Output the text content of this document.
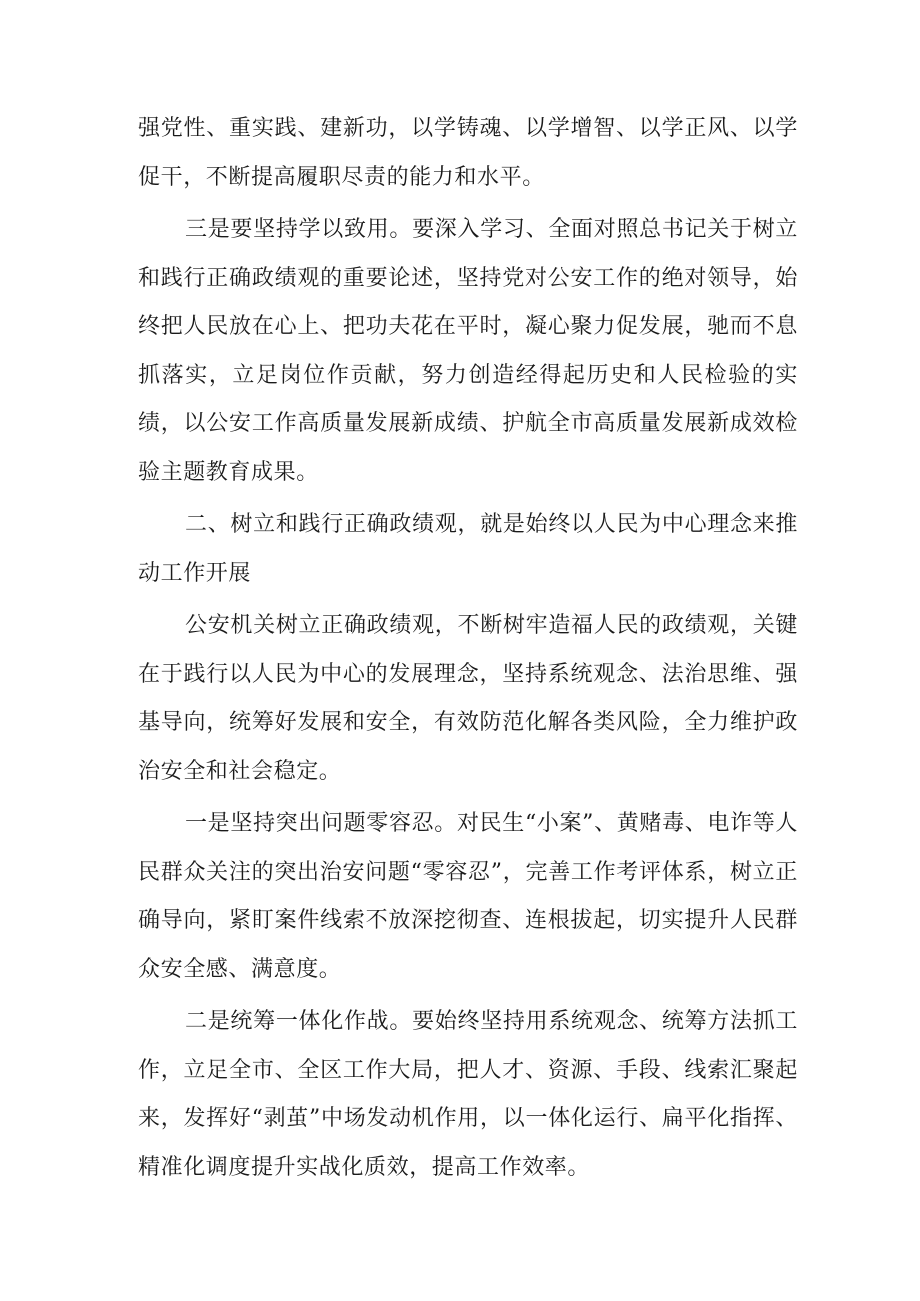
强党性、重实践、建新功，以学铸魂、以学增智、以学正风、以学促干，不断提高履职尽责的能力和水平。

三是要坚持学以致用。要深入学习、全面对照总书记关于树立和践行正确政绩观的重要论述，坚持党对公安工作的绝对领导，始终把人民放在心上、把功夫花在平时，凝心聚力促发展，驰而不息抓落实，立足岗位作贡献，努力创造经得起历史和人民检验的实绩，以公安工作高质量发展新成绩、护航全市高质量发展新成效检验主题教育成果。

二、树立和践行正确政绩观，就是始终以人民为中心理念来推动工作开展

公安机关树立正确政绩观，不断树牢造福人民的政绩观，关键在于践行以人民为中心的发展理念，坚持系统观念、法治思维、强基导向，统筹好发展和安全，有效防范化解各类风险，全力维护政治安全和社会稳定。

一是坚持突出问题零容忍。对民生“小案”、黄赌毒、电诈等人民群众关注的突出治安问题“零容忍”，完善工作考评体系，树立正确导向，紧盯案件线索不放深挖彻查、连根拔起，切实提升人民群众安全感、满意度。

二是统筹一体化作战。要始终坚持用系统观念、统筹方法抓工作，立足全市、全区工作大局，把人才、资源、手段、线索汇聚起来，发挥好“剥茧”中场发动机作用，以一体化运行、扁平化指挥、精准化调度提升实战化质效，提高工作效率。
